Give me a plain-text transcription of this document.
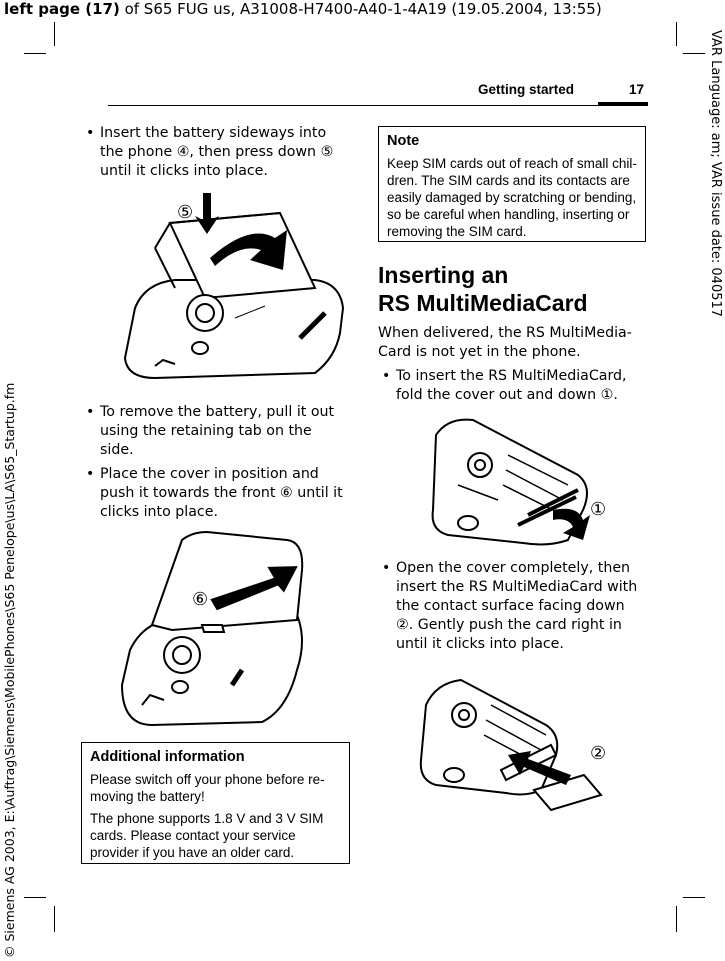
left page (17) of S65 FUG us, A31008-H7400-A40-1-4A19 (19.05.2004, 13:55)
VAR Language: am; VAR issue date: 040517
© Siemens AG 2003, E:\Auftrag\Siemens\MobilePhones\S65 Penelope\us\LA\S65_Startup.fm
Getting started	17
• Insert the battery sideways into the phone ④, then press down ⑤ until it clicks into place.
⑤
④
• To remove the battery, pull it out using the retaining tab on the side.
• Place the cover in position and push it towards the front ⑥ until it clicks into place.
⑥
Additional information

Please switch off your phone before re-moving the battery!

The phone supports 1.8 V and 3 V SIM cards. Please contact your service provider if you have an older card.

Note

Keep SIM cards out of reach of small chil-dren. The SIM cards and its contacts are easily damaged by scratching or bending, so be careful when handling, inserting or removing the SIM card.

Inserting an
RS MultiMediaCard
When delivered, the RS MultiMedia-Card is not yet in the phone.
• To insert the RS MultiMediaCard, fold the cover out and down ①.
①
• Open the cover completely, then insert the RS MultiMediaCard with the contact surface facing down ②. Gently push the card right in until it clicks into place.
②
